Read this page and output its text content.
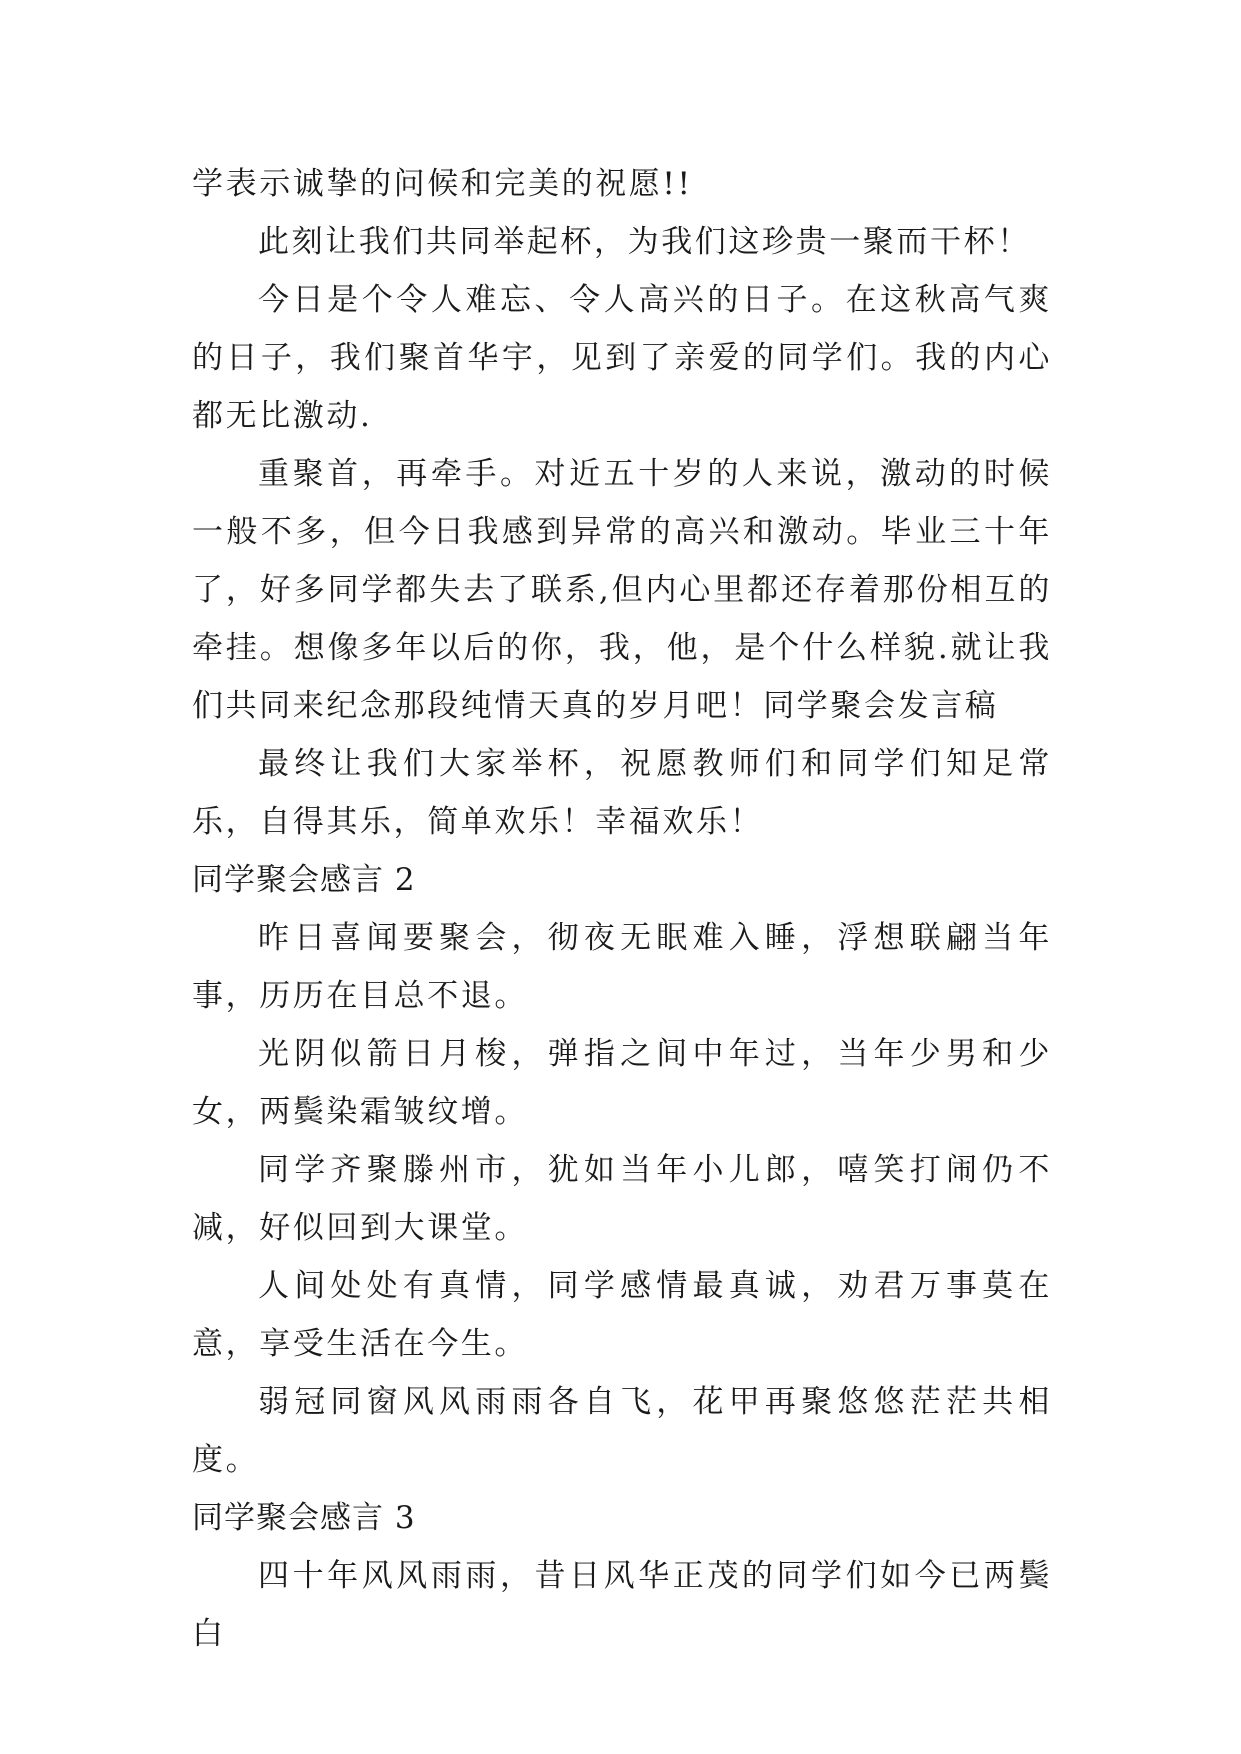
学表示诚挚的问候和完美的祝愿!!

此刻让我们共同举起杯，为我们这珍贵一聚而干杯！

今日是个令人难忘、令人高兴的日子。在这秋高气爽的日子，我们聚首华宇，见到了亲爱的同学们。我的内心都无比激动.

重聚首，再牵手。对近五十岁的人来说，激动的时候一般不多，但今日我感到异常的高兴和激动。毕业三十年了，好多同学都失去了联系,但内心里都还存着那份相互的牵挂。想像多年以后的你，我，他，是个什么样貌.就让我们共同来纪念那段纯情天真的岁月吧！同学聚会发言稿

最终让我们大家举杯，祝愿教师们和同学们知足常乐，自得其乐，简单欢乐！幸福欢乐！

同学聚会感言 2

昨日喜闻要聚会，彻夜无眠难入睡，浮想联翩当年事，历历在目总不退。

光阴似箭日月梭，弹指之间中年过，当年少男和少女，两鬓染霜皱纹增。

同学齐聚滕州市，犹如当年小儿郎，嘻笑打闹仍不减，好似回到大课堂。

人间处处有真情，同学感情最真诚，劝君万事莫在意，享受生活在今生。

弱冠同窗风风雨雨各自飞，花甲再聚悠悠茫茫共相度。

同学聚会感言 3

四十年风风雨雨，昔日风华正茂的同学们如今已两鬓白
